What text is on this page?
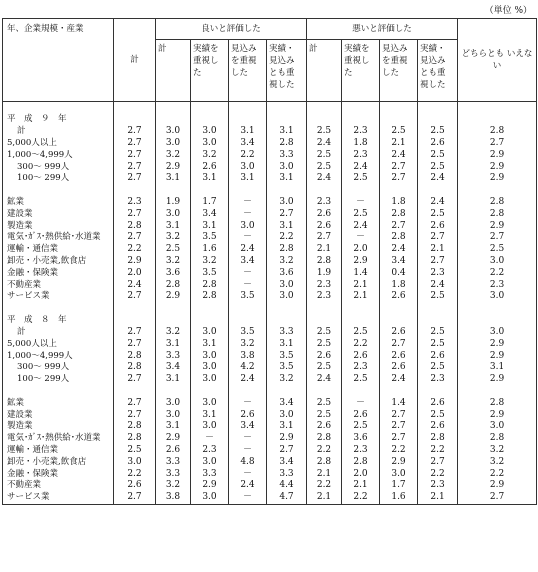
（単位 %）
年、企業規模・産業	計	良いと評価した				悪いと評価した				どちらとも いえない
		計	実績を 重視し た	見込み を重視 した	実績・ 見込み とも重 視した	計	実績を 重視し た	見込み を重視 した	実績・ 見込み とも重 視した	

平　成　９　年										
計	2.7	3.0	3.0	3.1	3.1	2.5	2.3	2.5	2.5	2.8
5,000人以上	2.7	3.0	3.0	3.4	2.8	2.4	1.8	2.1	2.6	2.7
1,000～4,999人	2.7	3.2	3.2	2.2	3.3	2.5	2.3	2.4	2.5	2.9
300～ 999人	2.7	2.9	2.6	3.0	3.0	2.5	2.4	2.7	2.5	2.9
100～ 299人	2.7	3.1	3.1	3.1	3.1	2.4	2.5	2.7	2.4	2.9

鉱業	2.3	1.9	1.7	－	3.0	2.3	－	1.8	2.4	2.8
建設業	2.7	3.0	3.4	－	2.7	2.6	2.5	2.8	2.5	2.8
製造業	2.8	3.1	3.1	3.0	3.1	2.6	2.4	2.7	2.6	2.9
電気･ｶﾞｽ･熱供給･水道業	2.7	3.2	3.5	－	2.2	2.7	－	2.8	2.7	2.7
運輸・通信業	2.2	2.5	1.6	2.4	2.8	2.1	2.0	2.4	2.1	2.5
卸売・小売業,飲食店	2.9	3.2	3.2	3.4	3.2	2.8	2.9	3.4	2.7	3.0
金融・保険業	2.0	3.6	3.5	－	3.6	1.9	1.4	0.4	2.3	2.2
不動産業	2.4	2.8	2.8	－	3.0	2.3	2.1	1.8	2.4	2.3
サービス業	2.7	2.9	2.8	3.5	3.0	2.3	2.1	2.6	2.5	3.0

平　成　８　年										
計	2.7	3.2	3.0	3.5	3.3	2.5	2.5	2.6	2.5	3.0
5,000人以上	2.7	3.1	3.1	3.2	3.1	2.5	2.2	2.7	2.5	2.9
1,000～4,999人	2.8	3.3	3.0	3.8	3.5	2.6	2.6	2.6	2.6	2.9
300～ 999人	2.8	3.4	3.0	4.2	3.5	2.5	2.3	2.6	2.5	3.1
100～ 299人	2.7	3.1	3.0	2.4	3.2	2.4	2.5	2.4	2.3	2.9

鉱業	2.7	3.0	3.0	－	3.4	2.5	－	1.4	2.6	2.8
建設業	2.7	3.0	3.1	2.6	3.0	2.5	2.6	2.7	2.5	2.9
製造業	2.8	3.1	3.0	3.4	3.1	2.6	2.5	2.7	2.6	3.0
電気･ｶﾞｽ･熱供給･水道業	2.8	2.9	－	－	2.9	2.8	3.6	2.7	2.8	2.8
運輸・通信業	2.5	2.6	2.3	－	2.7	2.2	2.3	2.2	2.2	3.2
卸売・小売業,飲食店	3.0	3.3	3.0	4.8	3.4	2.8	2.8	2.9	2.7	3.2
金融・保険業	2.2	3.3	3.3	－	3.3	2.1	2.0	3.0	2.2	2.2
不動産業	2.6	3.2	2.9	2.4	4.4	2.2	2.1	1.7	2.3	2.9
サービス業	2.7	3.8	3.0	－	4.7	2.1	2.2	1.6	2.1	2.7
